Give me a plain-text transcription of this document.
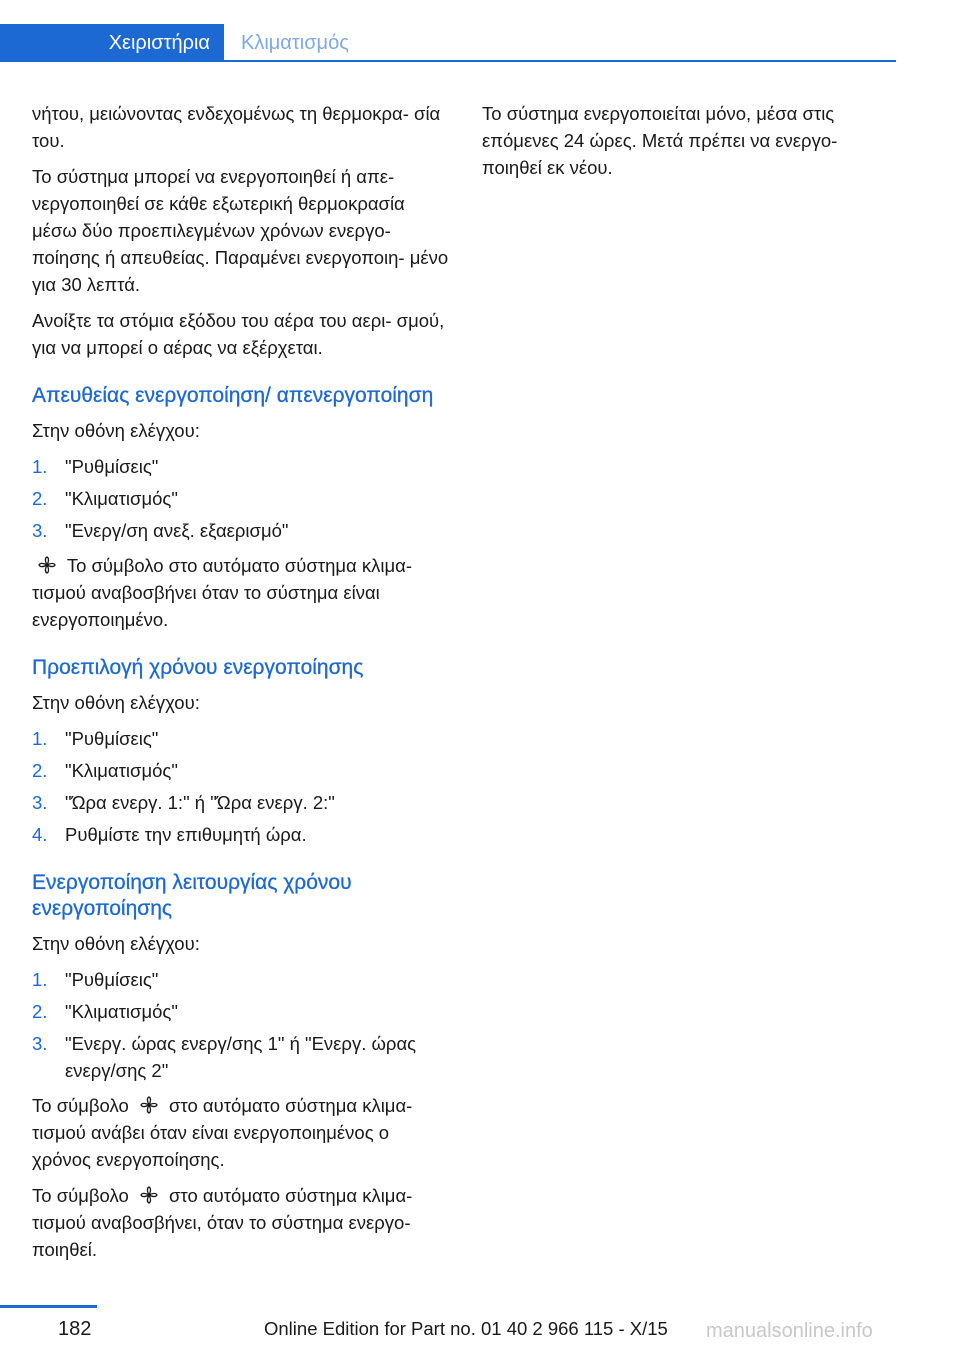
Χειριστήρια	Κλιματισμός

νήτου, μειώνοντας ενδεχομένως τη θερμοκρα‐ σία του.

Το σύστημα μπορεί να ενεργοποιηθεί ή απε‐ νεργοποιηθεί σε κάθε εξωτερική θερμοκρασία μέσω δύο προεπιλεγμένων χρόνων ενεργο‐ ποίησης ή απευθείας. Παραμένει ενεργοποιη‐ μένο για 30 λεπτά.

Ανοίξτε τα στόμια εξόδου του αέρα του αερι‐ σμού, για να μπορεί ο αέρας να εξέρχεται.

Απευθείας ενεργοποίηση/ απενεργοποίηση

Στην οθόνη ελέγχου:

1. "Ρυθμίσεις"
2. "Κλιματισμός"
3. "Ενεργ/ση ανεξ. εξαερισμό"

Το σύμβολο στο αυτόματο σύστημα κλιμα‐ τισμού αναβοσβήνει όταν το σύστημα είναι ενεργοποιημένο.

Προεπιλογή χρόνου ενεργοποίησης

Στην οθόνη ελέγχου:

1. "Ρυθμίσεις"
2. "Κλιματισμός"
3. "Ώρα ενεργ. 1:" ή "Ώρα ενεργ. 2:"
4. Ρυθμίστε την επιθυμητή ώρα.
Ενεργοποίηση λειτουργίας χρόνου ενεργοποίησης

Στην οθόνη ελέγχου:

1. "Ρυθμίσεις"
2. "Κλιματισμός"
3. "Ενεργ. ώρας ενεργ/σης 1" ή "Ενεργ. ώρας ενεργ/σης 2"

Το σύμβολο στο αυτόματο σύστημα κλιμα‐ τισμού ανάβει όταν είναι ενεργοποιημένος ο χρόνος ενεργοποίησης.

Το σύμβολο στο αυτόματο σύστημα κλιμα‐ τισμού αναβοσβήνει, όταν το σύστημα ενεργο‐ ποιηθεί.

Το σύστημα ενεργοποιείται μόνο, μέσα στις επόμενες 24 ώρες. Μετά πρέπει να ενεργο‐ ποιηθεί εκ νέου.

182	Online Edition for Part no. 01 40 2 966 115 - X/15 manualsonline.info
